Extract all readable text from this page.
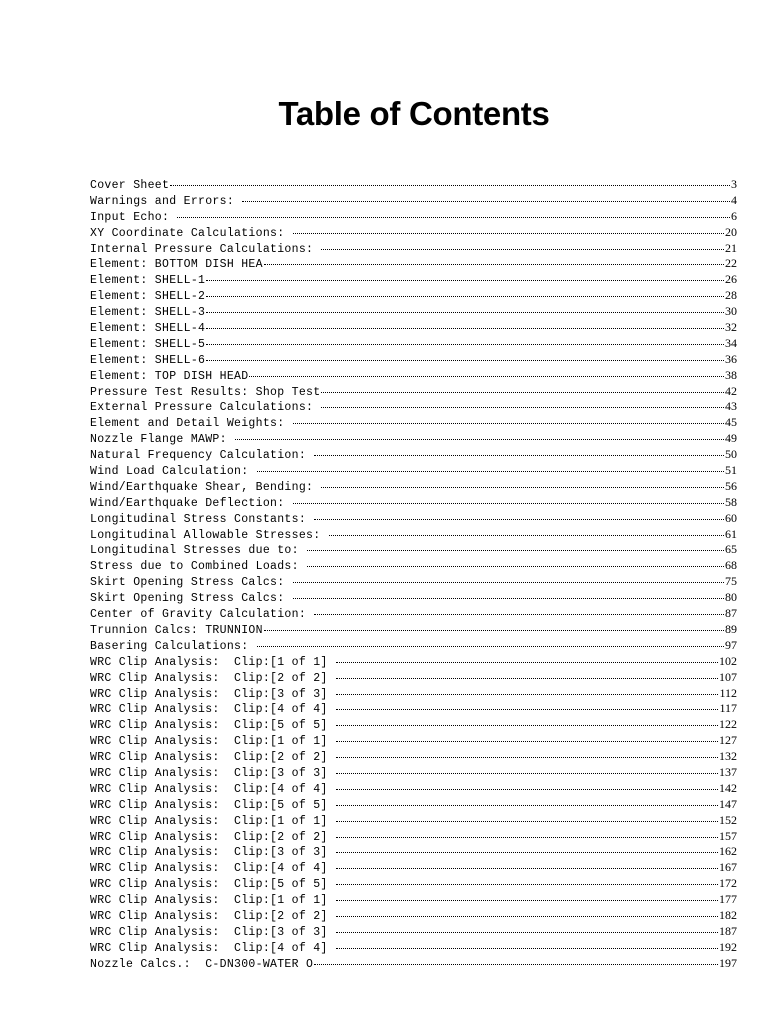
Table of Contents
Cover Sheet	3
Warnings and Errors:	4
Input Echo:	6
XY Coordinate Calculations:	20
Internal Pressure Calculations:	21
Element: BOTTOM DISH HEA	22
Element: SHELL-1	26
Element: SHELL-2	28
Element: SHELL-3	30
Element: SHELL-4	32
Element: SHELL-5	34
Element: SHELL-6	36
Element: TOP DISH HEAD	38
Pressure Test Results: Shop Test	42
External Pressure Calculations:	43
Element and Detail Weights:	45
Nozzle Flange MAWP:	49
Natural Frequency Calculation:	50
Wind Load Calculation:	51
Wind/Earthquake Shear, Bending:	56
Wind/Earthquake Deflection:	58
Longitudinal Stress Constants:	60
Longitudinal Allowable Stresses:	61
Longitudinal Stresses due to:	65
Stress due to Combined Loads:	68
Skirt Opening Stress Calcs:	75
Skirt Opening Stress Calcs:	80
Center of Gravity Calculation:	87
Trunnion Calcs: TRUNNION	89
Basering Calculations:	97
WRC Clip Analysis:  Clip:[1 of 1]	102
WRC Clip Analysis:  Clip:[2 of 2]	107
WRC Clip Analysis:  Clip:[3 of 3]	112
WRC Clip Analysis:  Clip:[4 of 4]	117
WRC Clip Analysis:  Clip:[5 of 5]	122
WRC Clip Analysis:  Clip:[1 of 1]	127
WRC Clip Analysis:  Clip:[2 of 2]	132
WRC Clip Analysis:  Clip:[3 of 3]	137
WRC Clip Analysis:  Clip:[4 of 4]	142
WRC Clip Analysis:  Clip:[5 of 5]	147
WRC Clip Analysis:  Clip:[1 of 1]	152
WRC Clip Analysis:  Clip:[2 of 2]	157
WRC Clip Analysis:  Clip:[3 of 3]	162
WRC Clip Analysis:  Clip:[4 of 4]	167
WRC Clip Analysis:  Clip:[5 of 5]	172
WRC Clip Analysis:  Clip:[1 of 1]	177
WRC Clip Analysis:  Clip:[2 of 2]	182
WRC Clip Analysis:  Clip:[3 of 3]	187
WRC Clip Analysis:  Clip:[4 of 4]	192
Nozzle Calcs.:  C-DN300-WATER O	197
